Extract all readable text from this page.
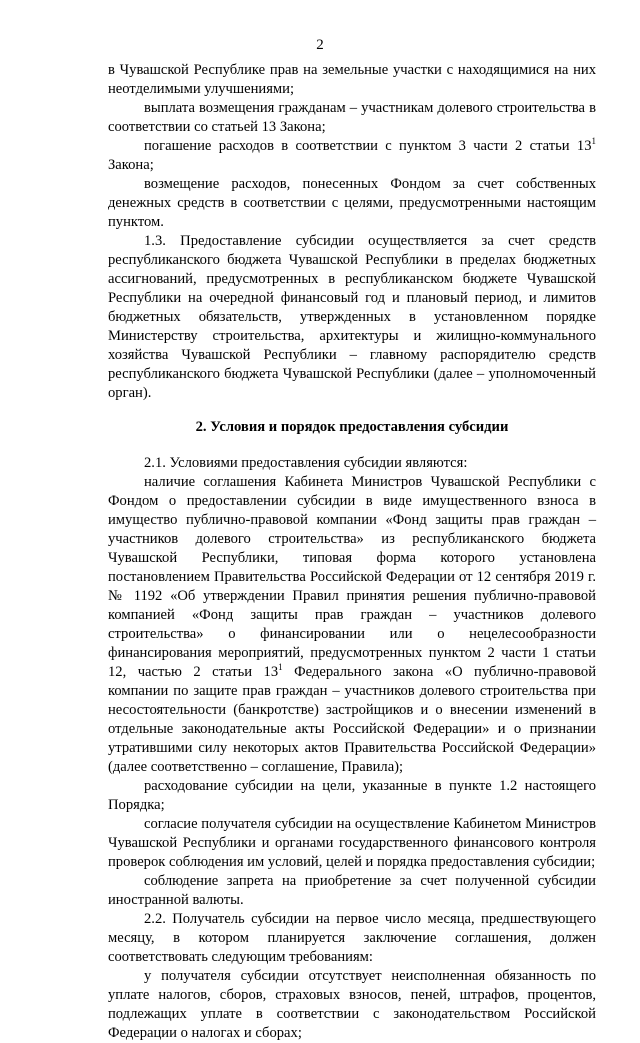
2

в Чувашской Республике прав на земельные участки с находящимися на них неотделимыми улучшениями;

выплата возмещения гражданам – участникам долевого строительства в соответствии со статьей 13 Закона;

погашение расходов в соответствии с пунктом 3 части 2 статьи $13^1$ Закона;

возмещение расходов, понесенных Фондом за счет собственных денежных средств в соответствии с целями, предусмотренными настоящим пунктом.

1.3. Предоставление субсидии осуществляется за счет средств республиканского бюджета Чувашской Республики в пределах бюджетных ассигнований, предусмотренных в республиканском бюджете Чувашской Республики на очередной финансовый год и плановый период, и лимитов бюджетных обязательств, утвержденных в установленном порядке Министерству строительства, архитектуры и жилищно-коммунального хозяйства Чувашской Республики – главному распорядителю средств республиканского бюджета Чувашской Республики (далее – уполномоченный орган).

2. Условия и порядок предоставления субсидии

2.1. Условиями предоставления субсидии являются:

наличие соглашения Кабинета Министров Чувашской Республики с Фондом о предоставлении субсидии в виде имущественного взноса в имущество публично-правовой компании «Фонд защиты прав граждан – участников долевого строительства» из республиканского бюджета Чувашской Республики, типовая форма которого установлена постановлением Правительства Российской Федерации от 12 сентября 2019 г. № 1192 «Об утверждении Правил принятия решения публично-правовой компанией «Фонд защиты прав граждан – участников долевого строительства» о финансировании или о нецелесообразности финансирования мероприятий, предусмотренных пунктом 2 части 1 статьи 12, частью 2 статьи $13^1$ Федерального закона «О публично-правовой компании по защите прав граждан – участников долевого строительства при несостоятельности (банкротстве) застройщиков и о внесении изменений в отдельные законодательные акты Российской Федерации» и о признании утратившими силу некоторых актов Правительства Российской Федерации» (далее соответственно – соглашение, Правила);

расходование субсидии на цели, указанные в пункте 1.2 настоящего Порядка;

согласие получателя субсидии на осуществление Кабинетом Министров Чувашской Республики и органами государственного финансового контроля проверок соблюдения им условий, целей и порядка предоставления субсидии;

соблюдение запрета на приобретение за счет полученной субсидии иностранной валюты.

2.2. Получатель субсидии на первое число месяца, предшествующего месяцу, в котором планируется заключение соглашения, должен соответствовать следующим требованиям:

у получателя субсидии отсутствует неисполненная обязанность по уплате налогов, сборов, страховых взносов, пеней, штрафов, процентов, подлежащих уплате в соответствии с законодательством Российской Федерации о налогах и сборах;
